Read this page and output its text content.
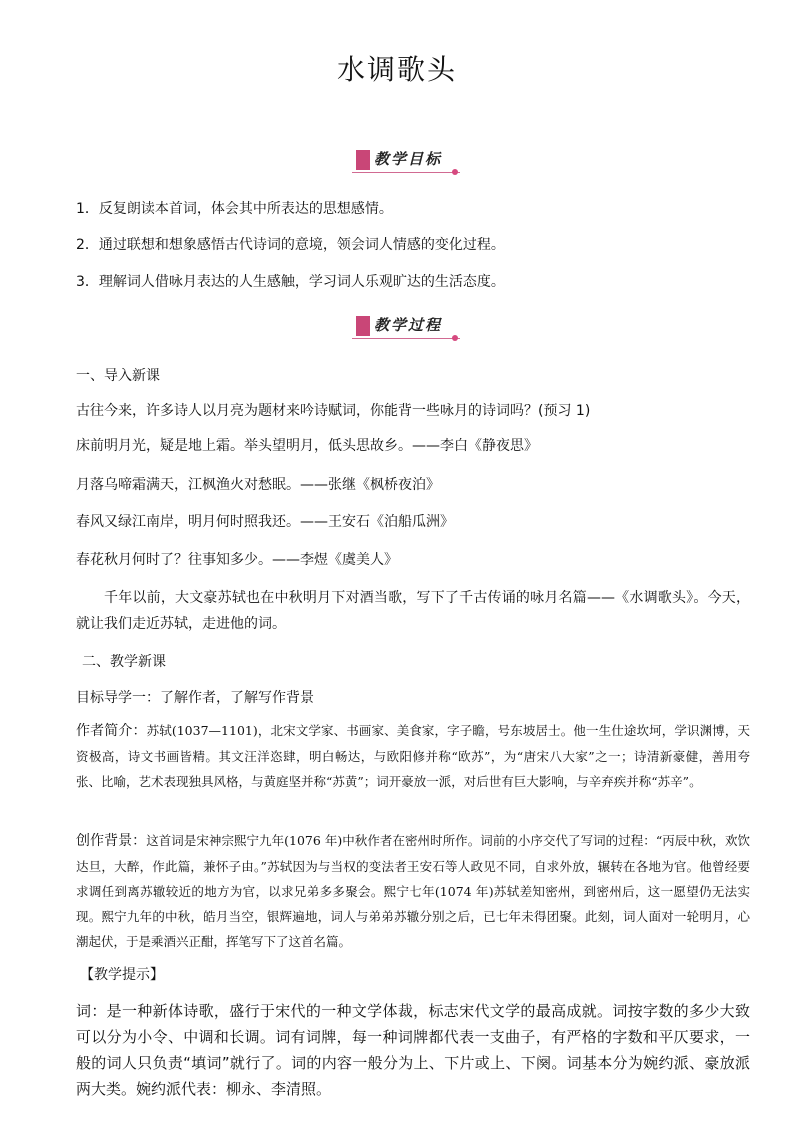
水调歌头
教学目标
1．反复朗读本首词，体会其中所表达的思想感情。
2．通过联想和想象感悟古代诗词的意境，领会词人情感的变化过程。
3．理解词人借咏月表达的人生感触，学习词人乐观旷达的生活态度。
教学过程
一、导入新课
古往今来，许多诗人以月亮为题材来吟诗赋词，你能背一些咏月的诗词吗？(预习 1)
床前明月光，疑是地上霜。举头望明月，低头思故乡。——李白《静夜思》
月落乌啼霜满天，江枫渔火对愁眠。——张继《枫桥夜泊》
春风又绿江南岸，明月何时照我还。——王安石《泊船瓜洲》
春花秋月何时了？往事知多少。——李煜《虞美人》
千年以前，大文豪苏轼也在中秋明月下对酒当歌，写下了千古传诵的咏月名篇——《水调歌头》。今天，就让我们走近苏轼，走进他的词。
二、教学新课
目标导学一：了解作者，了解写作背景
作者简介：苏轼(1037—1101)，北宋文学家、书画家、美食家，字子瞻，号东坡居士。他一生仕途坎坷，学识渊博，天资极高，诗文书画皆精。其文汪洋恣肆，明白畅达，与欧阳修并称“欧苏”，为“唐宋八大家”之一；诗清新豪健，善用夸张、比喻，艺术表现独具风格，与黄庭坚并称“苏黄”；词开豪放一派，对后世有巨大影响，与辛弃疾并称“苏辛”。
创作背景：这首词是宋神宗熙宁九年(1076 年)中秋作者在密州时所作。词前的小序交代了写词的过程：“丙辰中秋，欢饮达旦，大醉，作此篇，兼怀子由。”苏轼因为与当权的变法者王安石等人政见不同，自求外放，辗转在各地为官。他曾经要求调任到离苏辙较近的地方为官，以求兄弟多多聚会。熙宁七年(1074 年)苏轼差知密州，到密州后，这一愿望仍无法实现。熙宁九年的中秋，皓月当空，银辉遍地，词人与弟弟苏辙分别之后，已七年未得团聚。此刻，词人面对一轮明月，心潮起伏，于是乘酒兴正酣，挥笔写下了这首名篇。
【教学提示】
词：是一种新体诗歌，盛行于宋代的一种文学体裁，标志宋代文学的最高成就。词按字数的多少大致可以分为小令、中调和长调。词有词牌，每一种词牌都代表一支曲子，有严格的字数和平仄要求，一般的词人只负责“填词”就行了。词的内容一般分为上、下片或上、下阕。词基本分为婉约派、豪放派两大类。婉约派代表：柳永、李清照。
